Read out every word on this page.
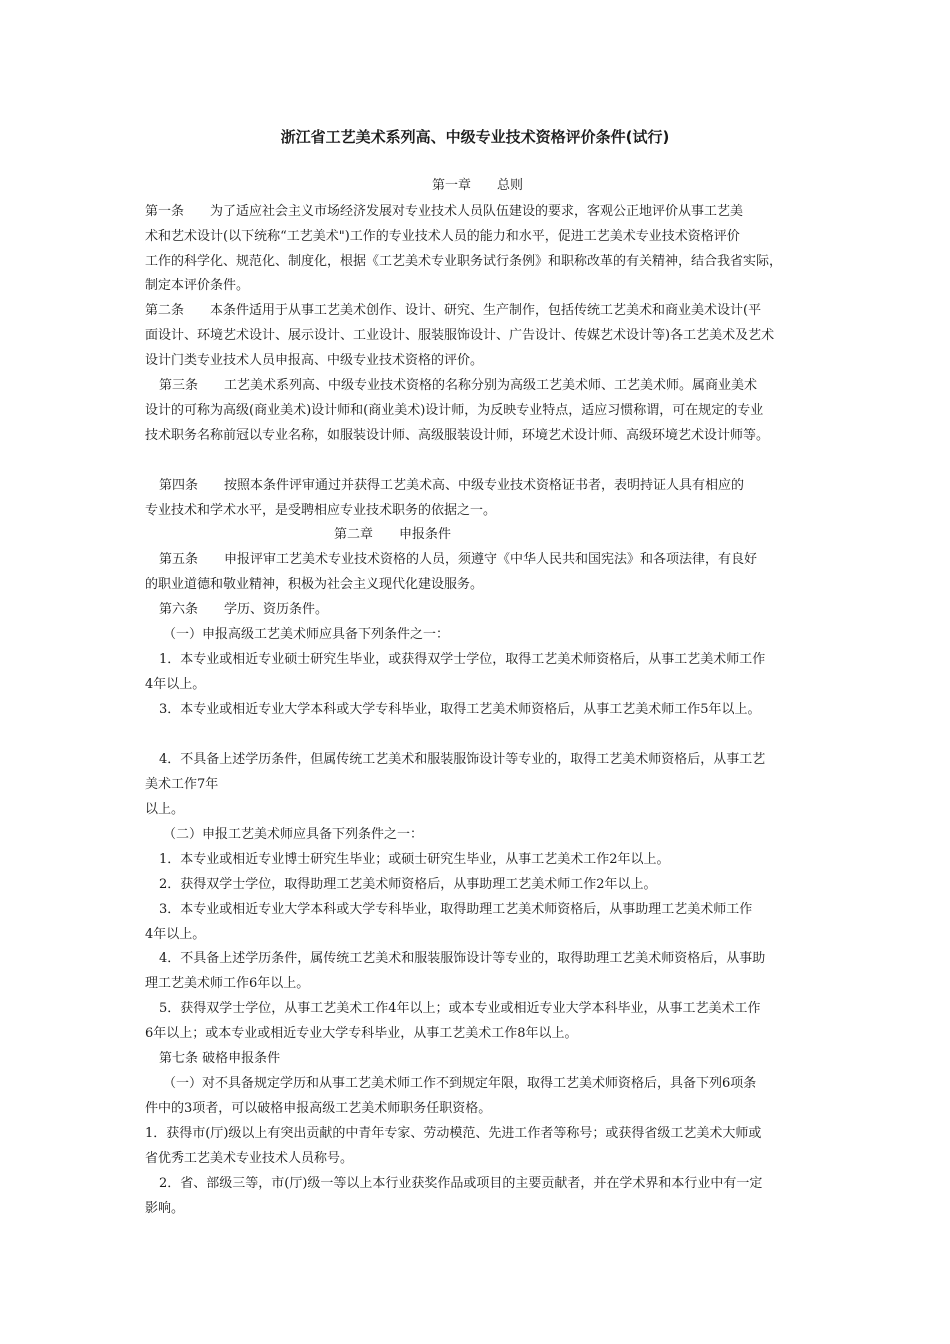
浙江省工艺美术系列高、中级专业技术资格评价条件(试行)
第一章　　总则
第一条　　为了适应社会主义市场经济发展对专业技术人员队伍建设的要求，客观公正地评价从事工艺美
术和艺术设计(以下统称“工艺美术")工作的专业技术人员的能力和水平，促进工艺美术专业技术资格评价
工作的科学化、规范化、制度化，根据《工艺美术专业职务试行条例》和职称改革的有关精神，结合我省实际，
制定本评价条件。
第二条　　本条件适用于从事工艺美术创作、设计、研究、生产制作，包括传统工艺美术和商业美术设计(平
面设计、环境艺术设计、展示设计、工业设计、服装服饰设计、广告设计、传媒艺术设计等)各工艺美术及艺术
设计门类专业技术人员申报高、中级专业技术资格的评价。
第三条　　工艺美术系列高、中级专业技术资格的名称分别为高级工艺美术师、工艺美术师。属商业美术
设计的可称为高级(商业美术)设计师和(商业美术)设计师，为反映专业特点，适应习惯称谓，可在规定的专业
技术职务名称前冠以专业名称，如服装设计师、高级服装设计师，环境艺术设计师、高级环境艺术设计师等。
第四条　　按照本条件评审通过并获得工艺美术高、中级专业技术资格证书者，表明持证人具有相应的
专业技术和学术水平，是受聘相应专业技术职务的依据之一。
第二章　　申报条件
第五条　　申报评审工艺美术专业技术资格的人员，须遵守《中华人民共和国宪法》和各项法律，有良好
的职业道德和敬业精神，积极为社会主义现代化建设服务。
第六条　　学历、资历条件。
（一）申报高级工艺美术师应具备下列条件之一：
1．本专业或相近专业硕士研究生毕业，或获得双学士学位，取得工艺美术师资格后，从事工艺美术师工作
4年以上。
3．本专业或相近专业大学本科或大学专科毕业，取得工艺美术师资格后，从事工艺美术师工作5年以上。
4．不具备上述学历条件，但属传统工艺美术和服装服饰设计等专业的，取得工艺美术师资格后，从事工艺
美术工作7年
以上。
（二）申报工艺美术师应具备下列条件之一：
1．本专业或相近专业博士研究生毕业；或硕士研究生毕业，从事工艺美术工作2年以上。
2．获得双学士学位，取得助理工艺美术师资格后，从事助理工艺美术师工作2年以上。
3．本专业或相近专业大学本科或大学专科毕业，取得助理工艺美术师资格后，从事助理工艺美术师工作
4年以上。
4．不具备上述学历条件，属传统工艺美术和服装服饰设计等专业的，取得助理工艺美术师资格后，从事助
理工艺美术师工作6年以上。
5．获得双学士学位，从事工艺美术工作4年以上；或本专业或相近专业大学本科毕业，从事工艺美术工作
6年以上；或本专业或相近专业大学专科毕业，从事工艺美术工作8年以上。
第七条 破格申报条件
（一）对不具备规定学历和从事工艺美术师工作不到规定年限，取得工艺美术师资格后，具备下列6项条
件中的3项者，可以破格申报高级工艺美术师职务任职资格。
1．获得市(厅)级以上有突出贡献的中青年专家、劳动模范、先进工作者等称号；或获得省级工艺美术大师或
省优秀工艺美术专业技术人员称号。
2．省、部级三等，市(厅)级一等以上本行业获奖作品或项目的主要贡献者，并在学术界和本行业中有一定
影响。
